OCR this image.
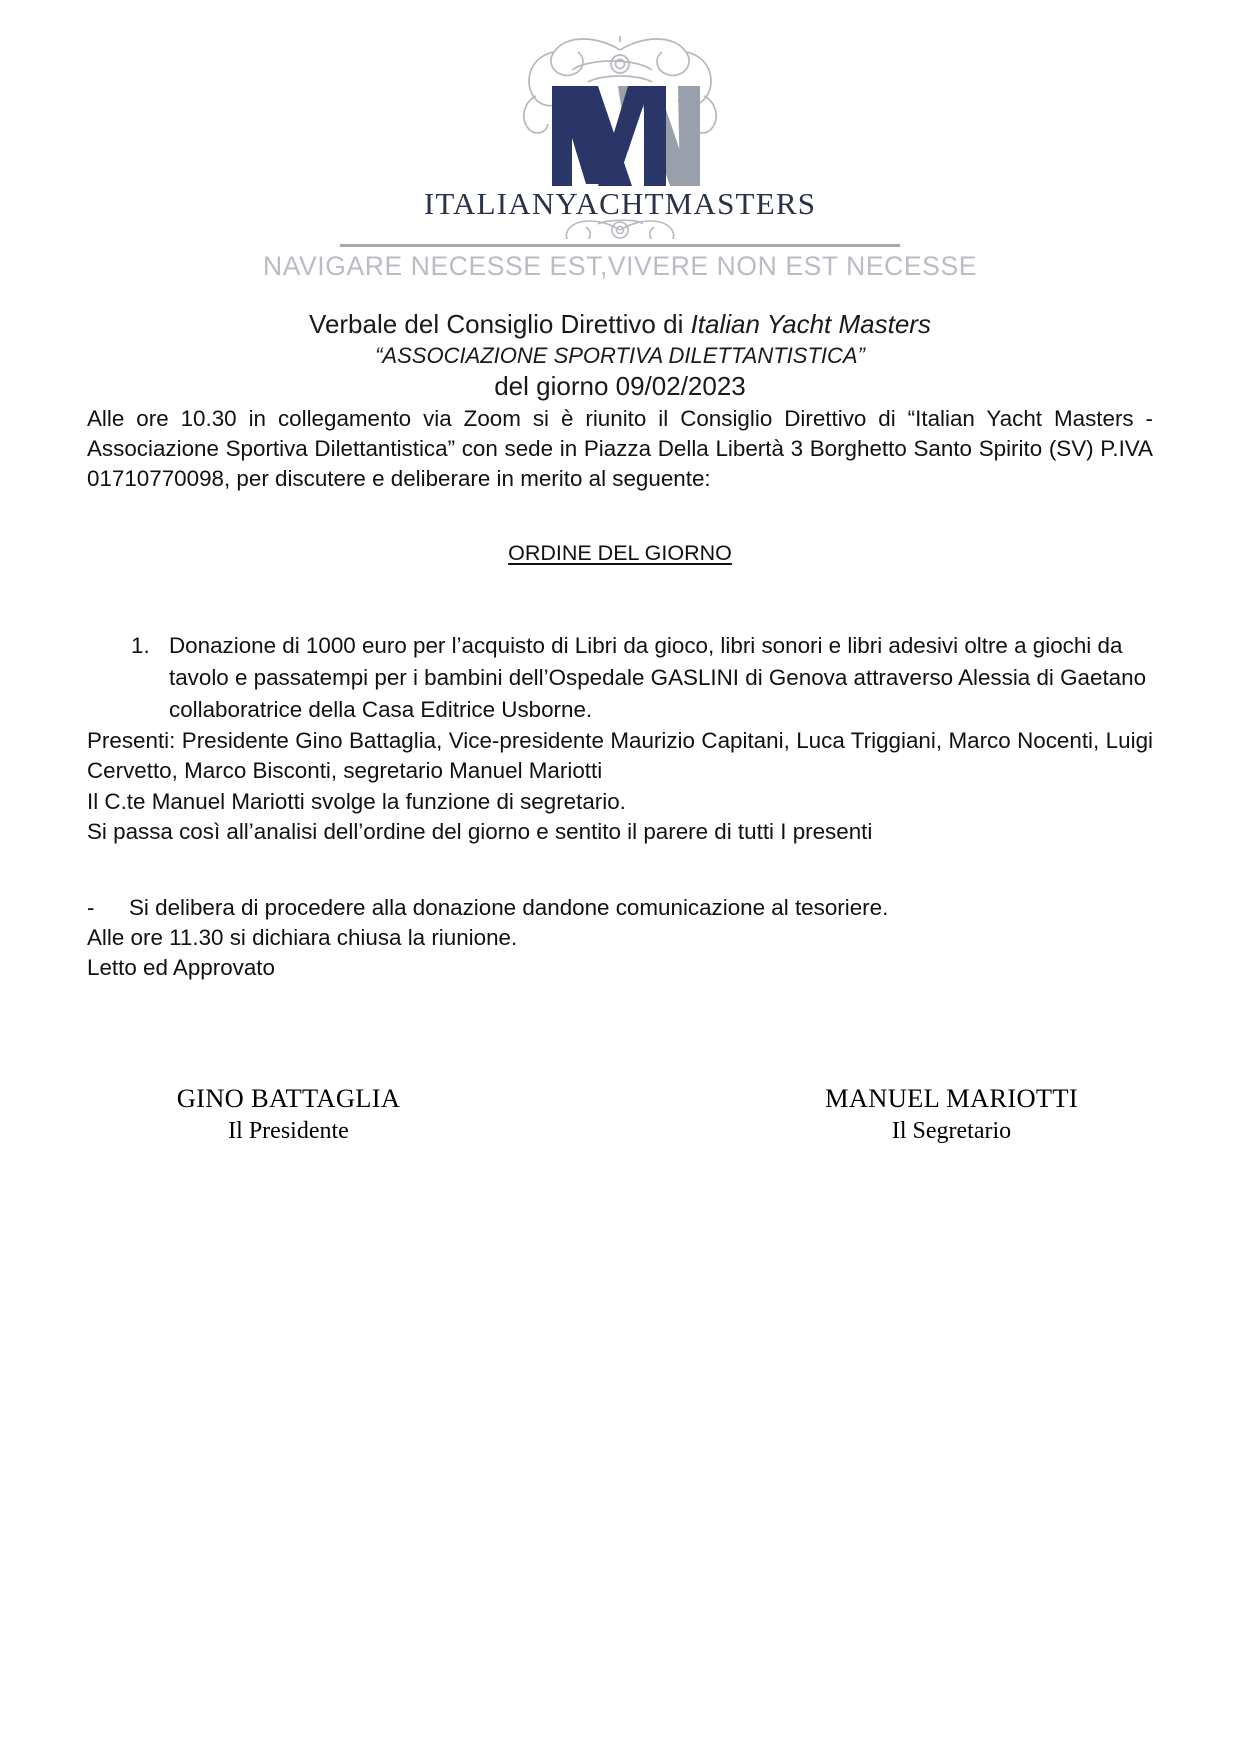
ITALIANYACHTMASTERS
NAVIGARE NECESSE EST,VIVERE NON EST NECESSE
Verbale del Consiglio Direttivo di Italian Yacht Masters
“ASSOCIAZIONE SPORTIVA DILETTANTISTICA”
del giorno 09/02/2023

Alle ore 10.30 in collegamento via Zoom si è riunito il Consiglio Direttivo di “Italian Yacht Masters - Associazione Sportiva Dilettantistica” con sede in Piazza Della Libertà 3 Borghetto Santo Spirito (SV) P.IVA 01710770098, per discutere e deliberare in merito al seguente:

ORDINE DEL GIORNO
1. Donazione di 1000 euro per l’acquisto di Libri da gioco, libri sonori e libri adesivi oltre a giochi da tavolo e passatempi per i bambini dell’Ospedale GASLINI di Genova attraverso Alessia di Gaetano collaboratrice della Casa Editrice Usborne.

Presenti: Presidente Gino Battaglia, Vice-presidente Maurizio Capitani, Luca Triggiani, Marco Nocenti, Luigi Cervetto, Marco Bisconti, segretario Manuel Mariotti

Il C.te Manuel Mariotti svolge la funzione di segretario.

Si passa così all’analisi dell’ordine del giorno e sentito il parere di tutti I presenti

- Si delibera di procedere alla donazione dandone comunicazione al tesoriere.

Alle ore 11.30 si dichiara chiusa la riunione.

Letto ed Approvato

GINO BATTAGLIA
Il Presidente
MANUEL MARIOTTI
Il Segretario
